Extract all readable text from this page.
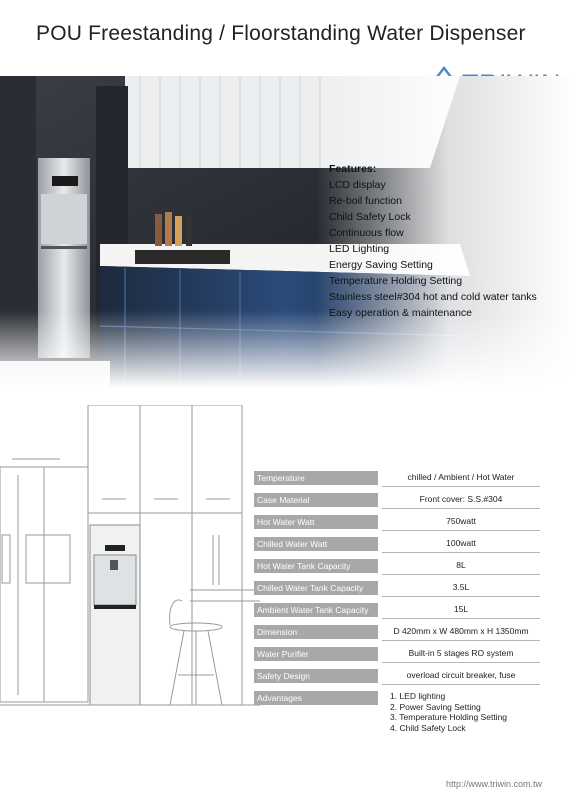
POU Freestanding / Floorstanding Water Dispenser
Features:
LCD display
Re-boil function
Child Safety Lock
Continuous flow
LED Lighting
Energy Saving Setting
Temperature Holding Setting
Stainless steel#304 hot and cold water tanks
Easy operation & maintenance
Temperature	chilled / Ambient / Hot Water
Case Material	Front cover: S.S.#304
Hot Water Watt	750watt
Chilled Water Watt	100watt
Hot Water Tank Capacity	8L
Chilled Water Tank Capacity	3.5L
Ambient Water Tank Capacity	15L
Dimension	D 420mm x W 480mm x H 1350mm
Water Purifier	Built-in 5 stages RO system
Safety Design	overload circuit breaker, fuse
Advantages	1. LED lighting
2. Power Saving Setting
3. Temperature Holding Setting
4. Child Safety Lock
http://www.triwin.com.tw
